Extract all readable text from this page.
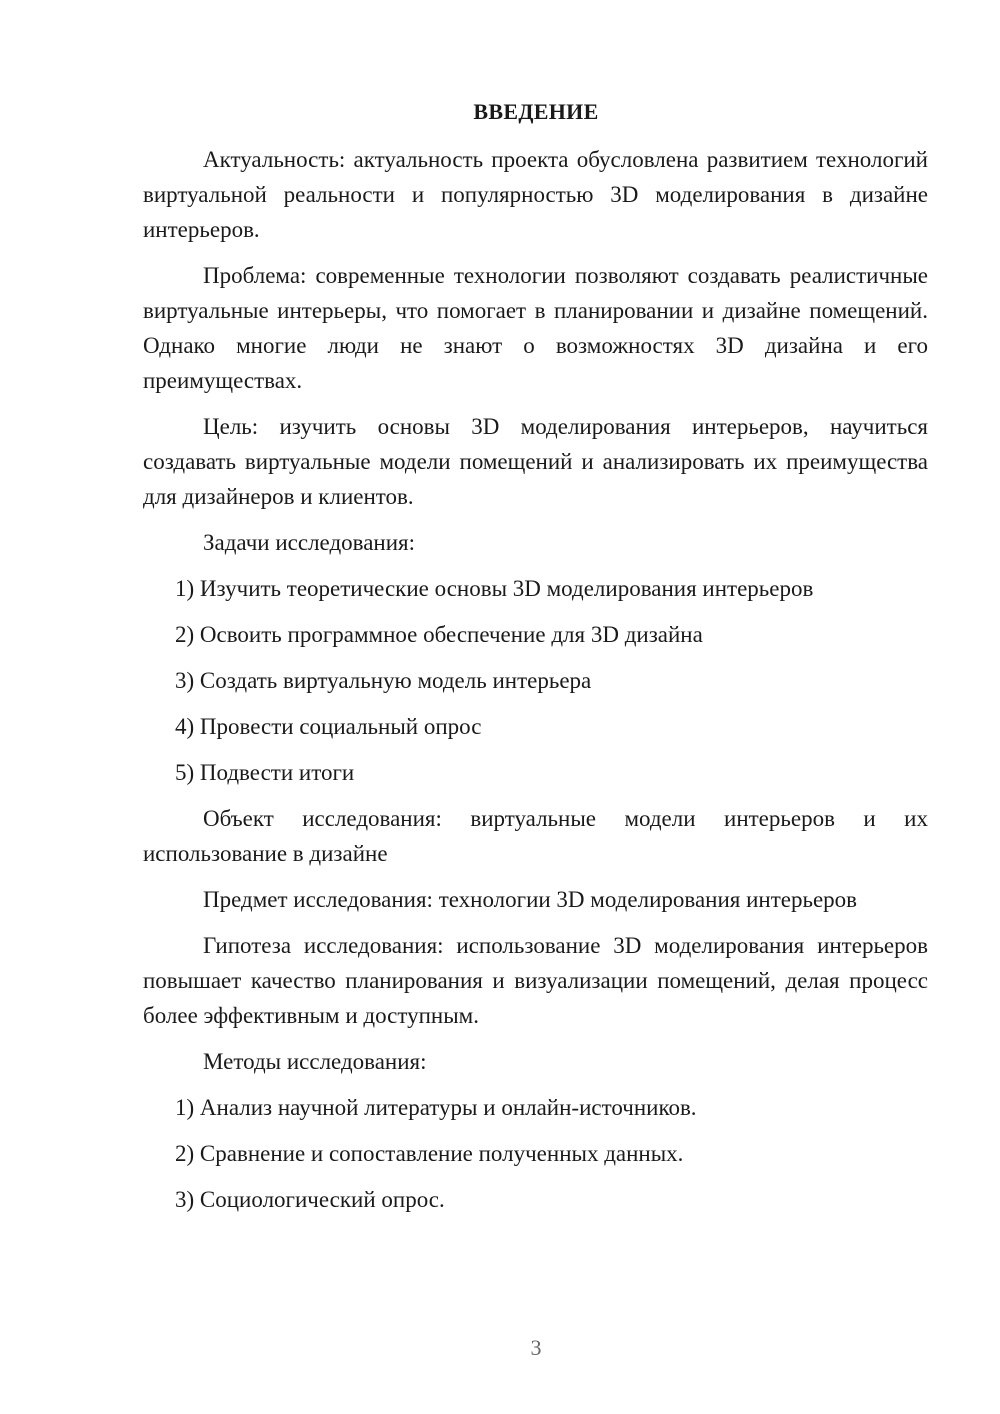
ВВЕДЕНИЕ

Актуальность: актуальность проекта обусловлена развитием технологий виртуальной реальности и популярностью 3D моделирования в дизайне интерьеров.

Проблема: современные технологии позволяют создавать реалистичные виртуальные интерьеры, что помогает в планировании и дизайне помещений. Однако многие люди не знают о возможностях 3D дизайна и его преимуществах.

Цель: изучить основы 3D моделирования интерьеров, научиться создавать виртуальные модели помещений и анализировать их преимущества для дизайнеров и клиентов.

Задачи исследования:

1) Изучить теоретические основы 3D моделирования интерьеров
2) Освоить программное обеспечение для 3D дизайна
3) Создать виртуальную модель интерьера
4) Провести социальный опрос
5) Подвести итоги

Объект исследования: виртуальные модели интерьеров и их использование в дизайне

Предмет исследования: технологии 3D моделирования интерьеров

Гипотеза исследования: использование 3D моделирования интерьеров повышает качество планирования и визуализации помещений, делая процесс более эффективным и доступным.

Методы исследования:

1) Анализ научной литературы и онлайн-источников.
2) Сравнение и сопоставление полученных данных.
3) Социологический опрос.
3
